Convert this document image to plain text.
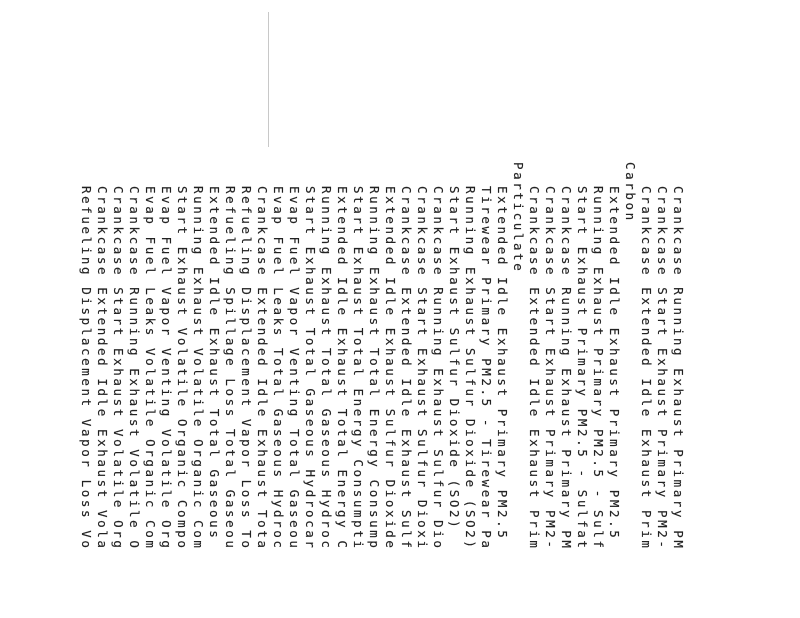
Crankcase Running Exhaust Primary PM
Crankcase Start Exhaust Primary PM2-
Crankcase Extended Idle Exhaust Prim
Carbon
Extended Idle Exhaust Primary PM2.5
Running Exhaust Primary PM2.5 - Sulf
Start Exhaust Primary PM2.5 - Sulfat
Crankcase Running Exhaust Primary PM
Crankcase Start Exhaust Primary PM2-
Crankcase Extended Idle Exhaust Prim
Particulate
Extended Idle Exhaust Primary PM2.5
Tirewear Primary PM2.5 - Tirewear Pa
Running Exhaust Sulfur Dioxide (SO2)
Start Exhaust Sulfur Dioxide (SO2)
Crankcase Running Exhaust Sulfur Dio
Crankcase Start Exhaust Sulfur Dioxi
Crankcase Extended Idle Exhaust Sulf
Extended Idle Exhaust Sulfur Dioxide
Running Exhaust Total Energy Consump
Start Exhaust Total Energy Consumpti
Extended Idle Exhaust Total Energy C
Running Exhaust Total Gaseous Hydroc
Start Exhaust Total Gaseous Hydrocar
Evap Fuel Vapor Venting Total Gaseou
Evap Fuel Leaks Total Gaseous Hydroc
Crankcase Extended Idle Exhaust Tota
Refueling Displacement Vapor Loss To
Refueling Spillage Loss Total Gaseou
Extended Idle Exhaust Total Gaseous
Running Exhaust Volatile Organic Com
Start Exhaust Volatile Organic Compo
Evap Fuel Vapor Venting Volatile Org
Evap Fuel Leaks Volatile Organic Com
Crankcase Running Exhaust Volatile O
Crankcase Start Exhaust Volatile Org
Crankcase Extended Idle Exhaust Vola
Refueling Displacement Vapor Loss Vo
